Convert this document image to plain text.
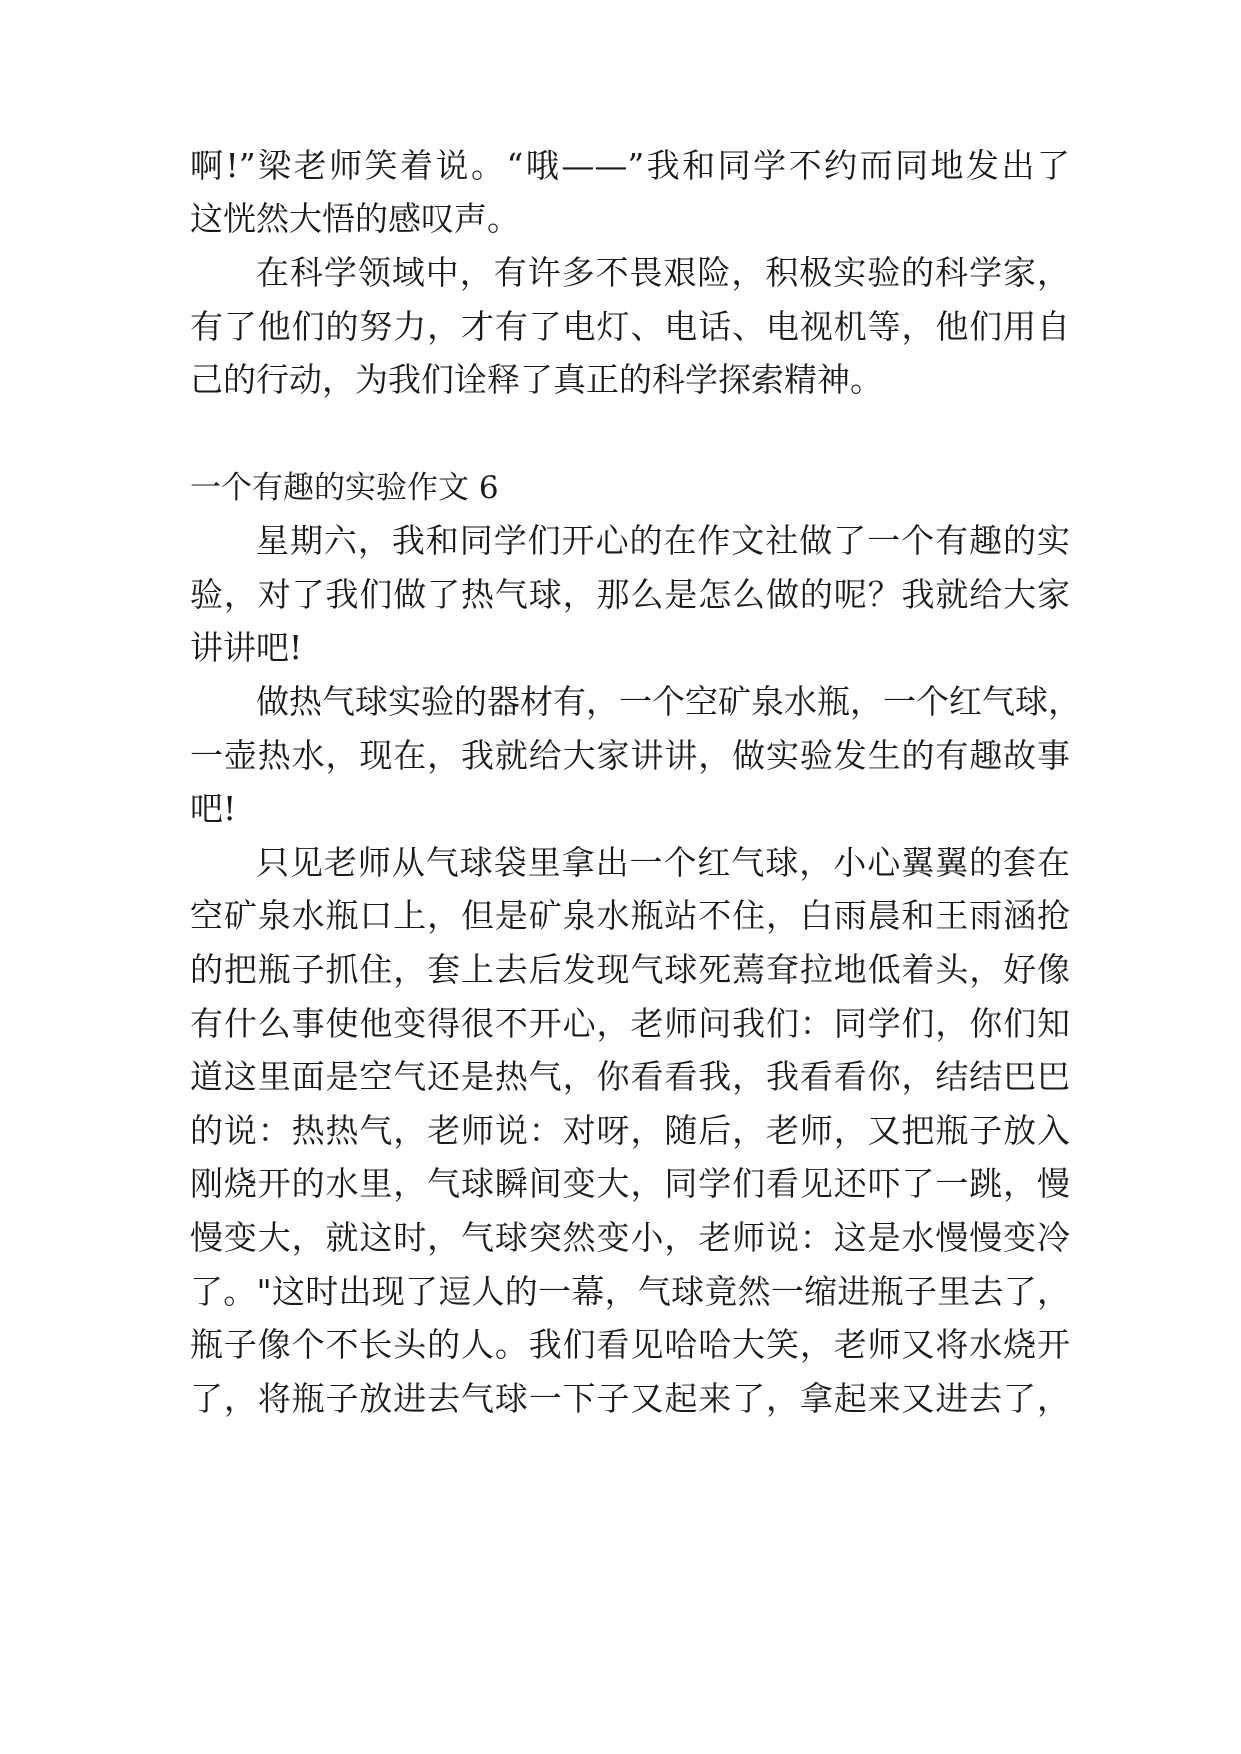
啊!”梁老师笑着说。“哦——”我和同学不约而同地发出了
这恍然大悟的感叹声。
在科学领域中，有许多不畏艰险，积极实验的科学家，
有了他们的努力，才有了电灯、电话、电视机等，他们用自
己的行动，为我们诠释了真正的科学探索精神。
一个有趣的实验作文 6
星期六，我和同学们开心的在作文社做了一个有趣的实
验，对了我们做了热气球，那么是怎么做的呢？我就给大家
讲讲吧!
做热气球实验的器材有，一个空矿泉水瓶，一个红气球，
一壶热水，现在，我就给大家讲讲，做实验发生的有趣故事
吧!
只见老师从气球袋里拿出一个红气球，小心翼翼的套在
空矿泉水瓶口上，但是矿泉水瓶站不住，白雨晨和王雨涵抢
的把瓶子抓住，套上去后发现气球死蔫耷拉地低着头，好像
有什么事使他变得很不开心，老师问我们：同学们，你们知
道这里面是空气还是热气，你看看我，我看看你，结结巴巴
的说：热热气，老师说：对呀，随后，老师，又把瓶子放入
刚烧开的水里，气球瞬间变大，同学们看见还吓了一跳，慢
慢变大，就这时，气球突然变小，老师说：这是水慢慢变冷
了。"这时出现了逗人的一幕，气球竟然一缩进瓶子里去了，
瓶子像个不长头的人。我们看见哈哈大笑，老师又将水烧开
了，将瓶子放进去气球一下子又起来了，拿起来又进去了，
